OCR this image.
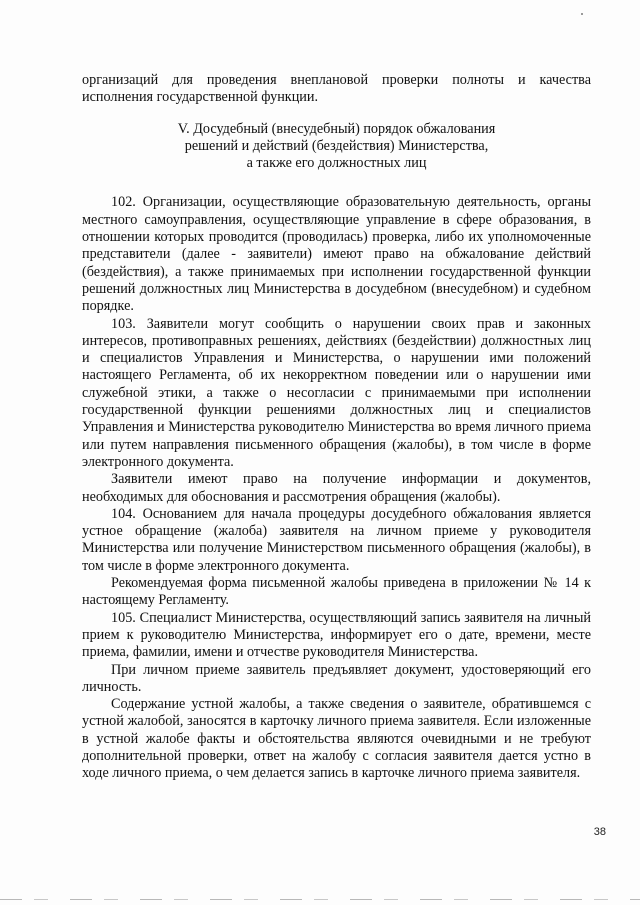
организаций для проведения внеплановой проверки полноты и качества исполнения государственной функции.

V. Досудебный (внесудебный) порядок обжалования
решений и действий (бездействия) Министерства,
а также его должностных лиц

102. Организации, осуществляющие образовательную деятельность, органы местного самоуправления, осуществляющие управление в сфере образования, в отношении которых проводится (проводилась) проверка, либо их уполномоченные представители (далее - заявители) имеют право на обжалование действий (бездействия), а также принимаемых при исполнении государственной функции решений должностных лиц Министерства в досудебном (внесудебном) и судебном порядке.

103. Заявители могут сообщить о нарушении своих прав и законных интересов, противоправных решениях, действиях (бездействии) должностных лиц и специалистов Управления и Министерства, о нарушении ими положений настоящего Регламента, об их некорректном поведении или о нарушении ими служебной этики, а также о несогласии с принимаемыми при исполнении государственной функции решениями должностных лиц и специалистов Управления и Министерства руководителю Министерства во время личного приема или путем направления письменного обращения (жалобы), в том числе в форме электронного документа.

Заявители имеют право на получение информации и документов, необходимых для обоснования и рассмотрения обращения (жалобы).

104. Основанием для начала процедуры досудебного обжалования является устное обращение (жалоба) заявителя на личном приеме у руководителя Министерства или получение Министерством письменного обращения (жалобы), в том числе в форме электронного документа.

Рекомендуемая форма письменной жалобы приведена в приложении № 14 к настоящему Регламенту.

105. Специалист Министерства, осуществляющий запись заявителя на личный прием к руководителю Министерства, информирует его о дате, времени, месте приема, фамилии, имени и отчестве руководителя Министерства.

При личном приеме заявитель предъявляет документ, удостоверяющий его личность.

Содержание устной жалобы, а также сведения о заявителе, обратившемся с устной жалобой, заносятся в карточку личного приема заявителя. Если изложенные в устной жалобе факты и обстоятельства являются очевидными и не требуют дополнительной проверки, ответ на жалобу с согласия заявителя дается устно в ходе личного приема, о чем делается запись в карточке личного приема заявителя.

38
